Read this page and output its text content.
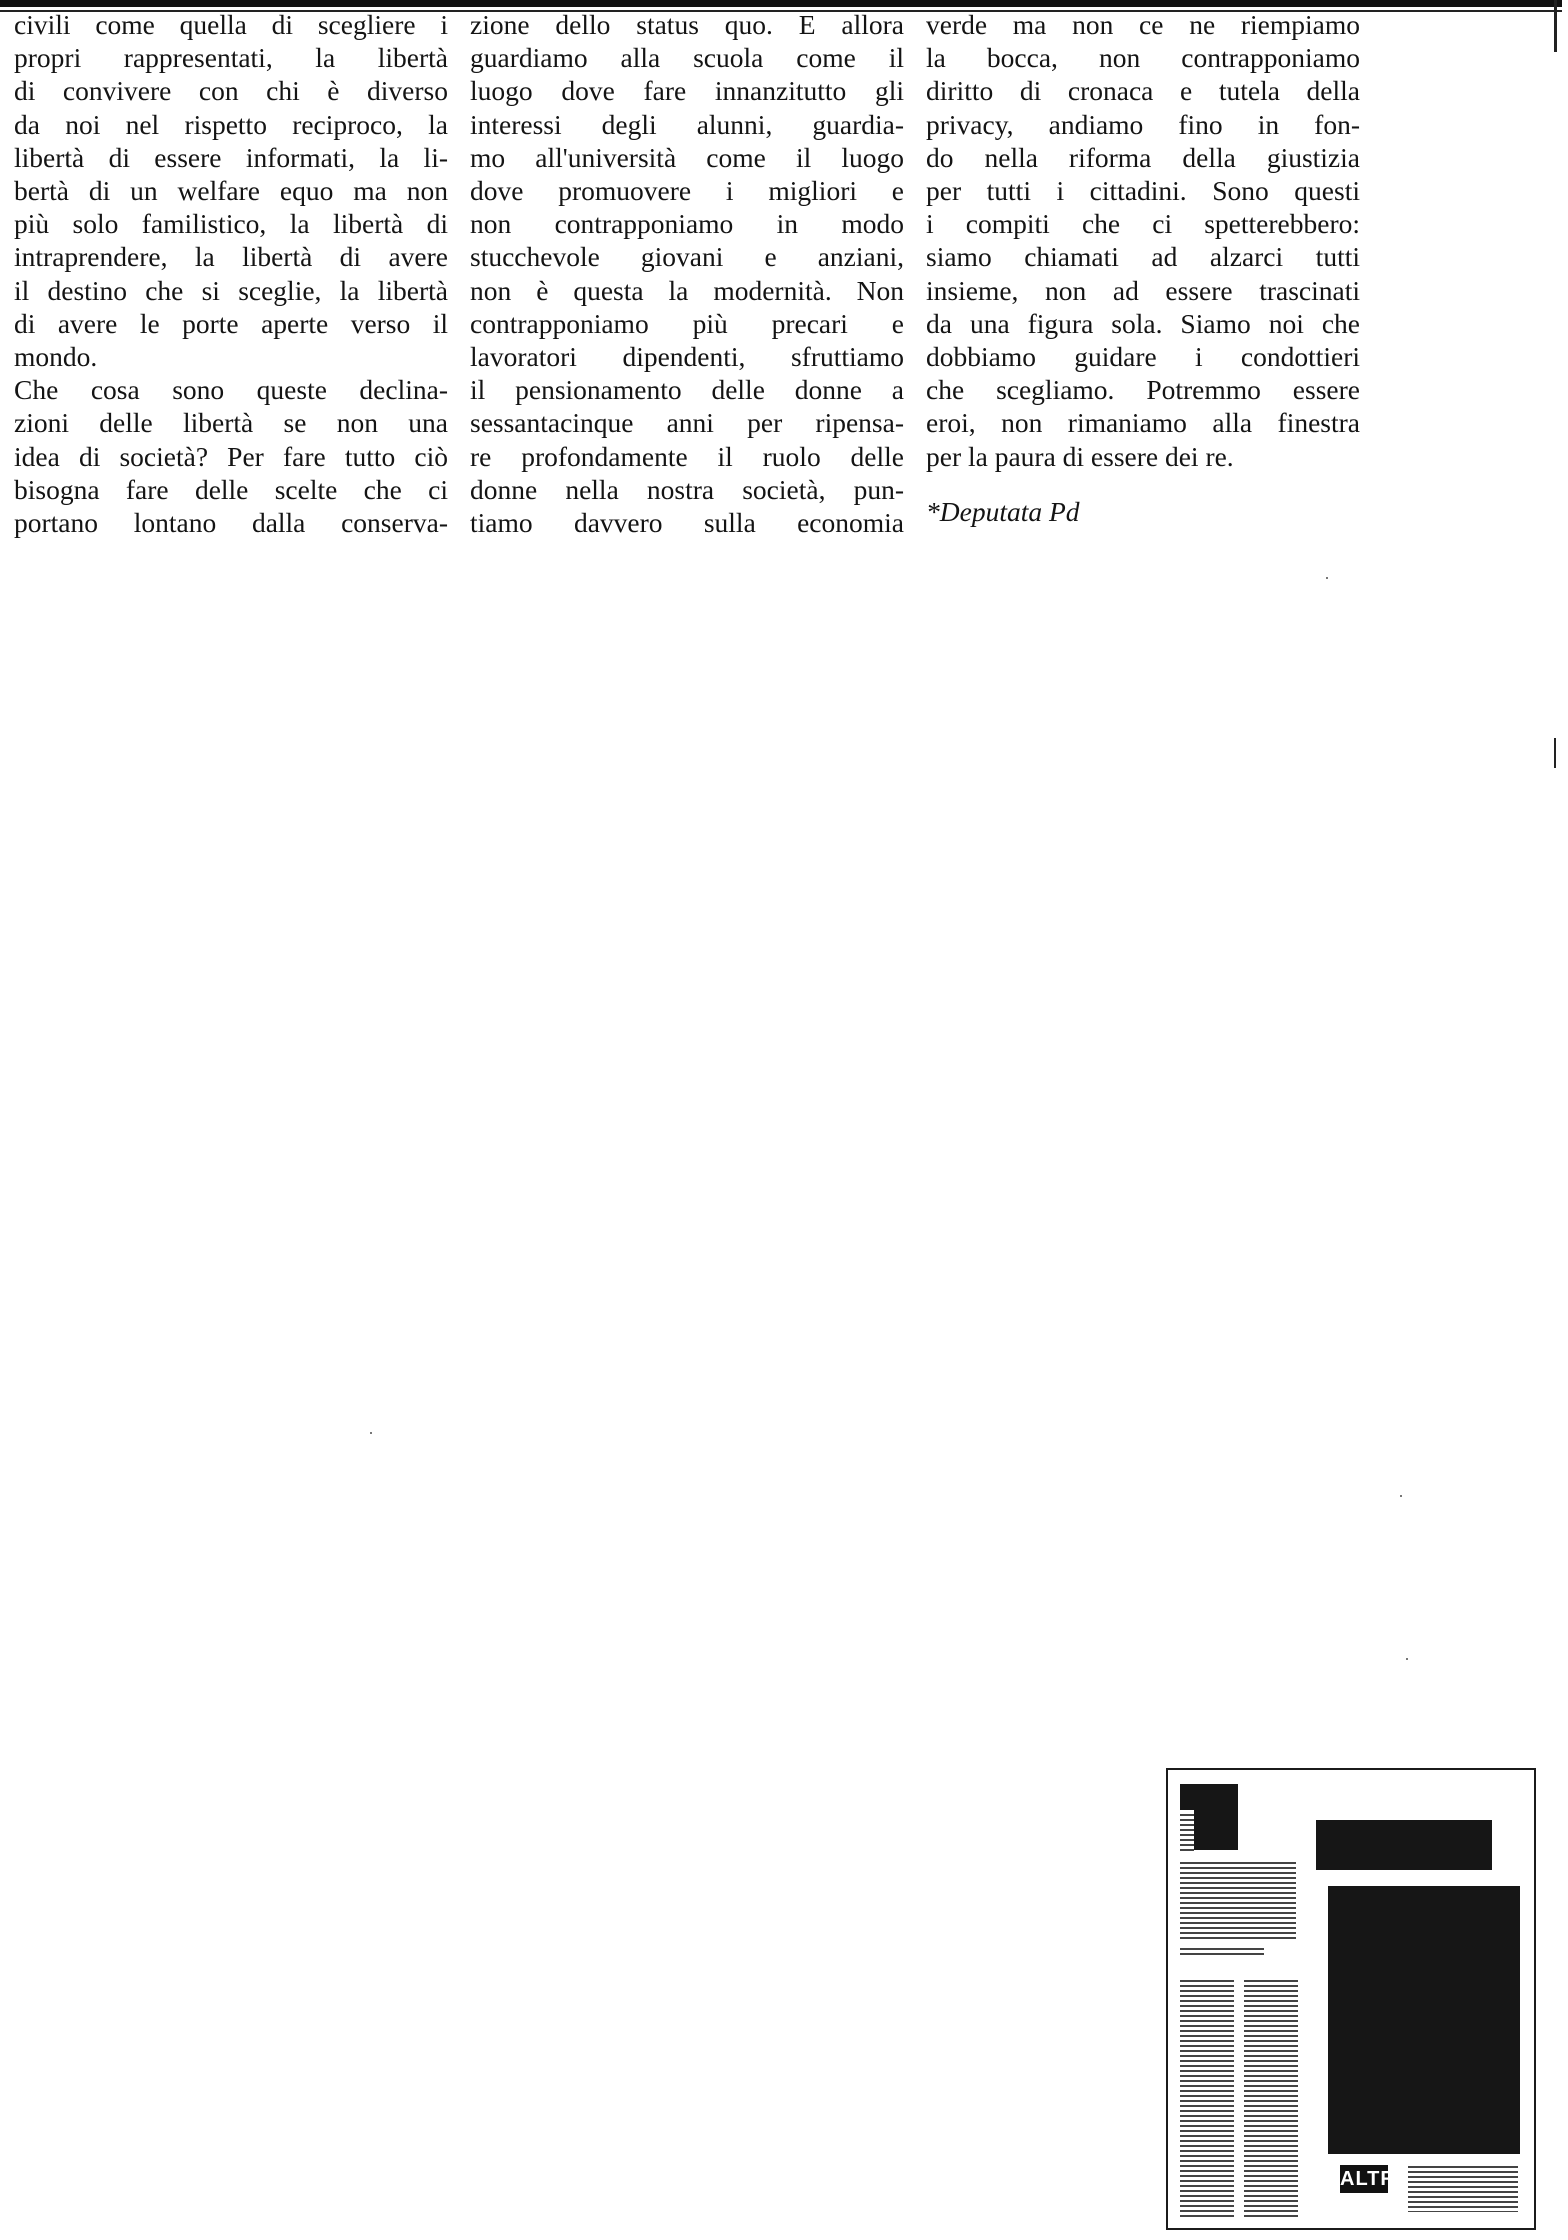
civili come quella di scegliere i
propri rappresentati, la libertà
di convivere con chi è diverso
da noi nel rispetto reciproco, la
libertà di essere informati, la li-
bertà di un welfare equo ma non
più solo familistico, la libertà di
intraprendere, la libertà di avere
il destino che si sceglie, la libertà
di avere le porte aperte verso il
mondo.
Che cosa sono queste declina-
zioni delle libertà se non una
idea di società? Per fare tutto ciò
bisogna fare delle scelte che ci
portano lontano dalla conserva-
zione dello status quo. E allora
guardiamo alla scuola come il
luogo dove fare innanzitutto gli
interessi degli alunni, guardia-
mo all'università come il luogo
dove promuovere i migliori e
non contrapponiamo in modo
stucchevole giovani e anziani,
non è questa la modernità. Non
contrapponiamo più precari e
lavoratori dipendenti, sfruttiamo
il pensionamento delle donne a
sessantacinque anni per ripensa-
re profondamente il ruolo delle
donne nella nostra società, pun-
tiamo davvero sulla economia
verde ma non ce ne riempiamo
la bocca, non contrapponiamo
diritto di cronaca e tutela della
privacy, andiamo fino in fon-
do nella riforma della giustizia
per tutti i cittadini. Sono questi
i compiti che ci spetterebbero:
siamo chiamati ad alzarci tutti
insieme, non ad essere trascinati
da una figura sola. Siamo noi che
dobbiamo guidare i condottieri
che scegliamo. Potremmo essere
eroi, non rimaniamo alla finestra
per la paura di essere dei re.

*Deputata Pd

ALTRI
